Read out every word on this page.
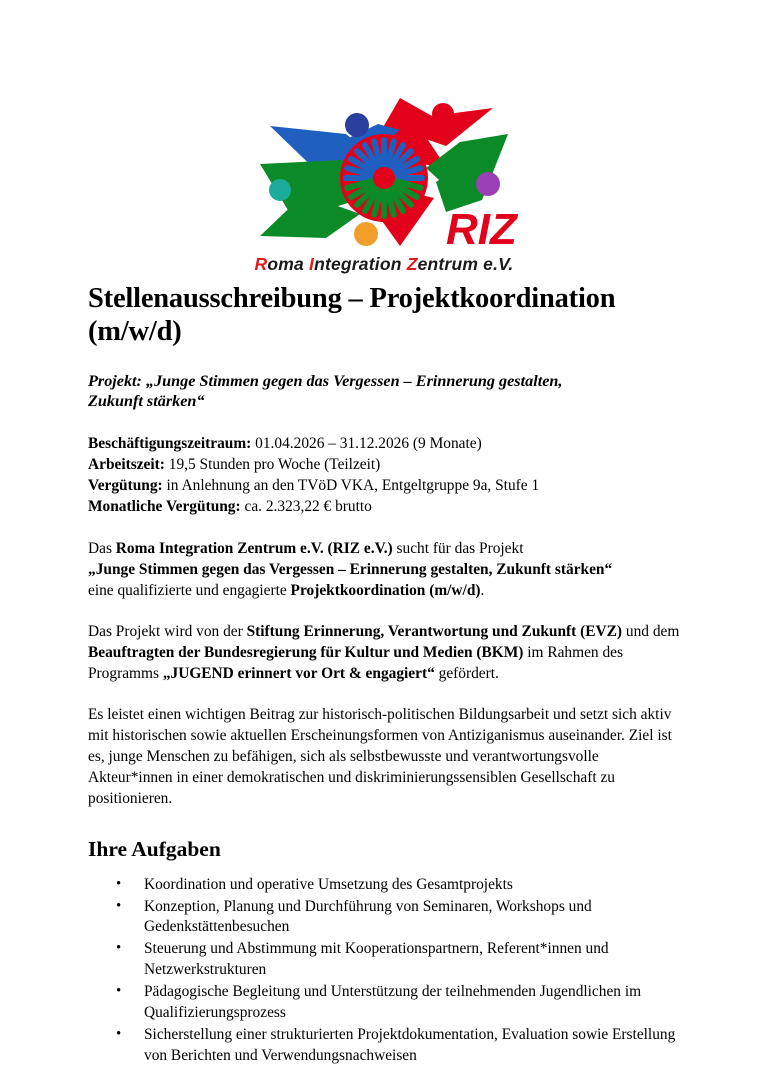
RIZ
Roma Integration Zentrum e.V.
Stellenausschreibung – Projektkoordination
(m/w/d)
Projekt: „Junge Stimmen gegen das Vergessen – Erinnerung gestalten,
Zukunft stärken“
Beschäftigungszeitraum: 01.04.2026 – 31.12.2026 (9 Monate)
Arbeitszeit: 19,5 Stunden pro Woche (Teilzeit)
Vergütung: in Anlehnung an den TVöD VKA, Entgeltgruppe 9a, Stufe 1
Monatliche Vergütung: ca. 2.323,22 € brutto

Das Roma Integration Zentrum e.V. (RIZ e.V.) sucht für das Projekt
„Junge Stimmen gegen das Vergessen – Erinnerung gestalten, Zukunft stärken“
eine qualifizierte und engagierte Projektkoordination (m/w/d).

Das Projekt wird von der Stiftung Erinnerung, Verantwortung und Zukunft (EVZ) und dem Beauftragten der Bundesregierung für Kultur und Medien (BKM) im Rahmen des Programms „JUGEND erinnert vor Ort & engagiert“ gefördert.

Es leistet einen wichtigen Beitrag zur historisch-politischen Bildungsarbeit und setzt sich aktiv mit historischen sowie aktuellen Erscheinungsformen von Antiziganismus auseinander. Ziel ist es, junge Menschen zu befähigen, sich als selbstbewusste und verantwortungsvolle Akteur*innen in einer demokratischen und diskriminierungssensiblen Gesellschaft zu positionieren.

Ihre Aufgaben
• Koordination und operative Umsetzung des Gesamtprojekts
• Konzeption, Planung und Durchführung von Seminaren, Workshops und Gedenkstättenbesuchen
• Steuerung und Abstimmung mit Kooperationspartnern, Referent*innen und Netzwerkstrukturen
• Pädagogische Begleitung und Unterstützung der teilnehmenden Jugendlichen im Qualifizierungsprozess
• Sicherstellung einer strukturierten Projektdokumentation, Evaluation sowie Erstellung von Berichten und Verwendungsnachweisen
